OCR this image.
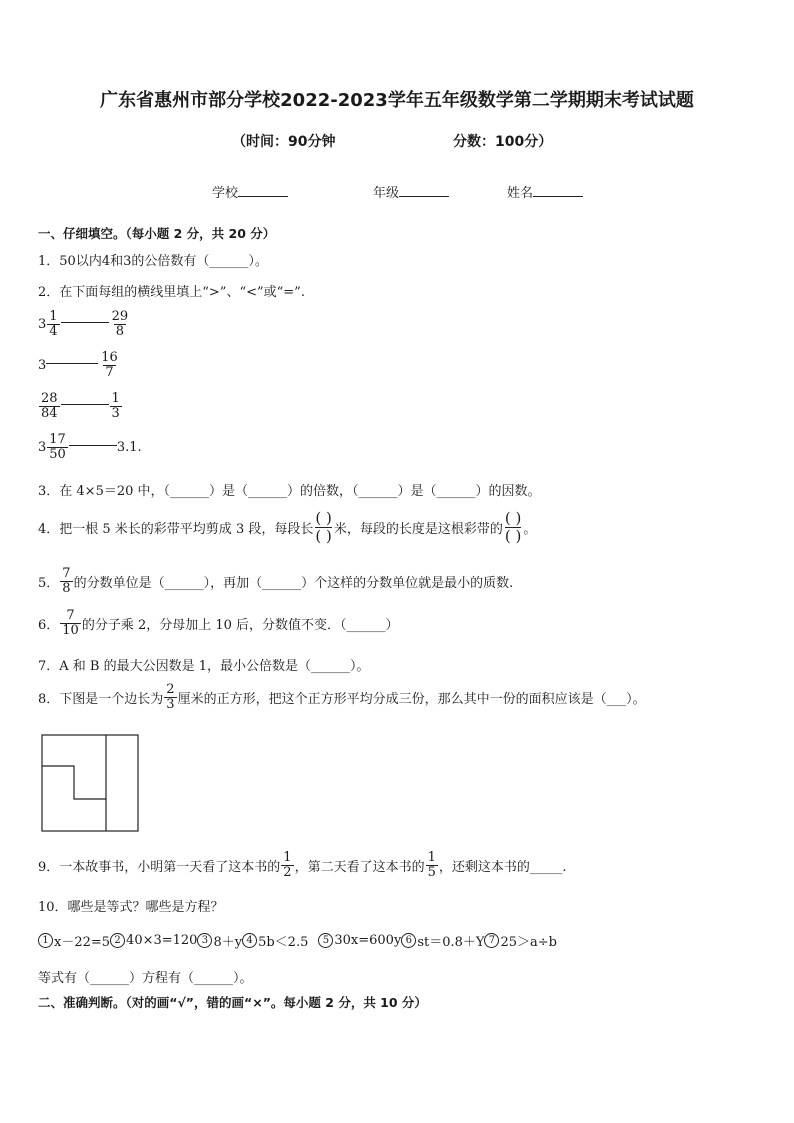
广东省惠州市部分学校2022-2023学年五年级数学第二学期期末考试试题
（时间：90分钟	分数：100分）
学校	年级	姓名
一、仔细填空。（每小题 2 分，共 20 分）
1．50以内4和3的公倍数有（______）。
2．在下面每组的横线里填上“>”、“<”或“=”.
$3 \frac{1}{4}$	$\frac{29}{8}$
3	$\frac{16}{7}$
$\frac{28}{84}$	$\frac{1}{3}$
$3 \frac{17}{50}$	3.1.
3．在 4×5＝20 中，（______）是（______）的倍数，（______）是（______）的因数。
4．把一根 5 米长的彩带平均剪成 3 段，每段长
( )
( ) 米，每段的长度是这根彩带的
( )
( ) 。
5． $\frac{7}{8}$ 的分数单位是（______），再加（______）个这样的分数单位就是最小的质数.
6． $\frac{7}{10}$ 的分子乘 2，分母加上 10 后，分数值不变．（______）
7．A 和 B 的最大公因数是 1，最小公倍数是（______）。
8．下图是一个边长为 $\frac{2}{3}$ 厘米的正方形，把这个正方形平均分成三份，那么其中一份的面积应该是（___）。
9．一本故事书，小明第一天看了这本书的 $\frac{1}{2}$ ，第二天看了这本书的 $\frac{1}{5}$ ，还剩这本书的_____.
10．哪些是等式？哪些是方程？
1 x－22=5 2 40×3=120 3 8＋y 4 5b＜2.5	5 30x=600y 6 st＝0.8＋Y 7 25＞a÷b
等式有（______）方程有（______）。
二、准确判断。（对的画“√”，错的画“×”。每小题 2 分，共 10 分）
